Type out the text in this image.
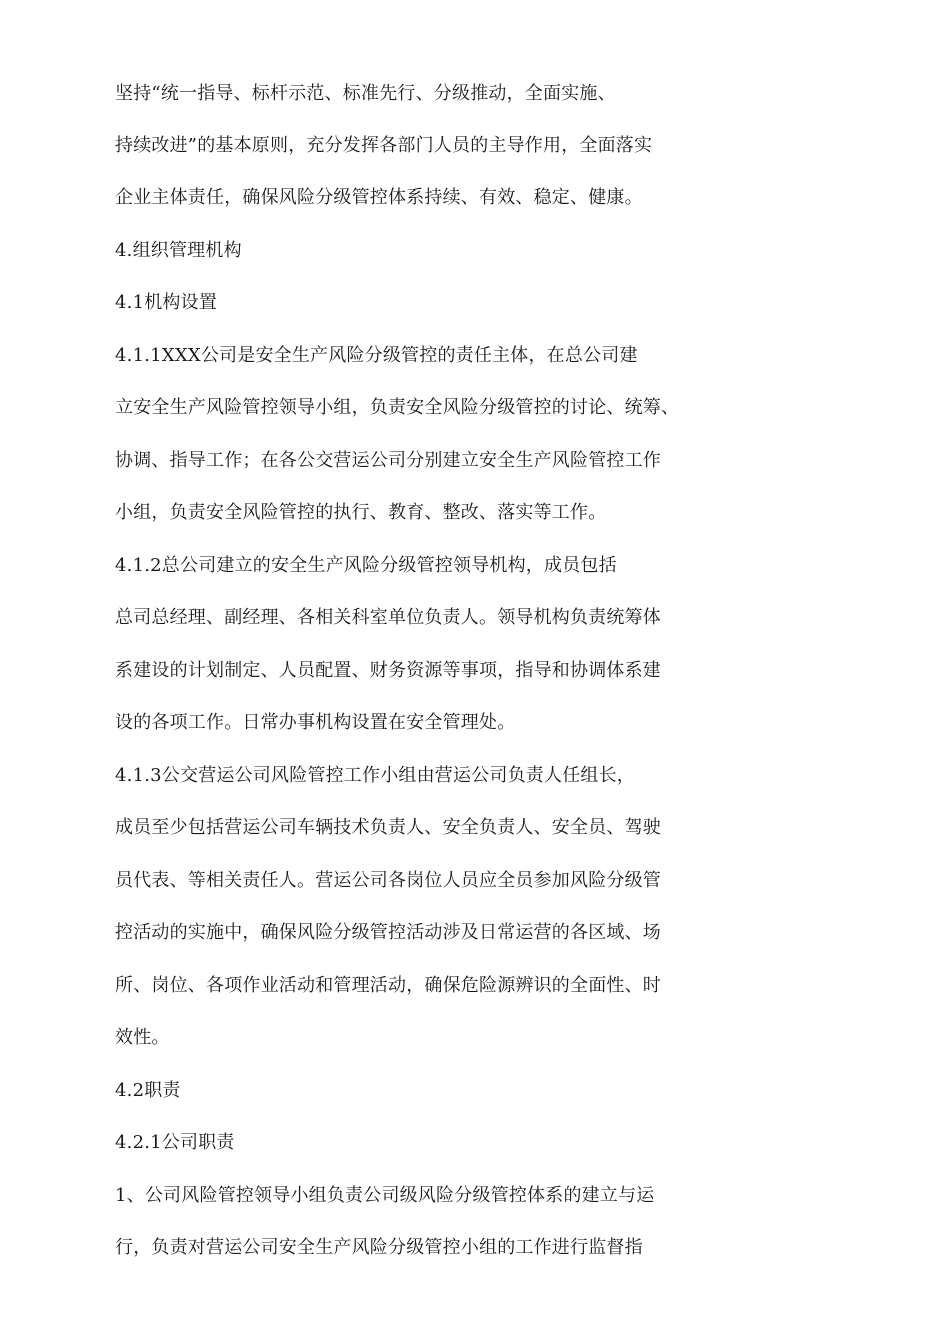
坚持“统一指导、标杆示范、标准先行、分级推动，全面实施、

持续改进”的基本原则，充分发挥各部门人员的主导作用，全面落实

企业主体责任，确保风险分级管控体系持续、有效、稳定、健康。

4.组织管理机构

4.1机构设置

4.1.1XXX公司是安全生产风险分级管控的责任主体，在总公司建

立安全生产风险管控领导小组，负责安全风险分级管控的讨论、统筹、

协调、指导工作；在各公交营运公司分别建立安全生产风险管控工作

小组，负责安全风险管控的执行、教育、整改、落实等工作。

4.1.2总公司建立的安全生产风险分级管控领导机构，成员包括

总司总经理、副经理、各相关科室单位负责人。领导机构负责统筹体

系建设的计划制定、人员配置、财务资源等事项，指导和协调体系建

设的各项工作。日常办事机构设置在安全管理处。

4.1.3公交营运公司风险管控工作小组由营运公司负责人任组长，

成员至少包括营运公司车辆技术负责人、安全负责人、安全员、驾驶

员代表、等相关责任人。营运公司各岗位人员应全员参加风险分级管

控活动的实施中，确保风险分级管控活动涉及日常运营的各区域、场

所、岗位、各项作业活动和管理活动，确保危险源辨识的全面性、时

效性。

4.2职责

4.2.1公司职责

1、公司风险管控领导小组负责公司级风险分级管控体系的建立与运

行，负责对营运公司安全生产风险分级管控小组的工作进行监督指
